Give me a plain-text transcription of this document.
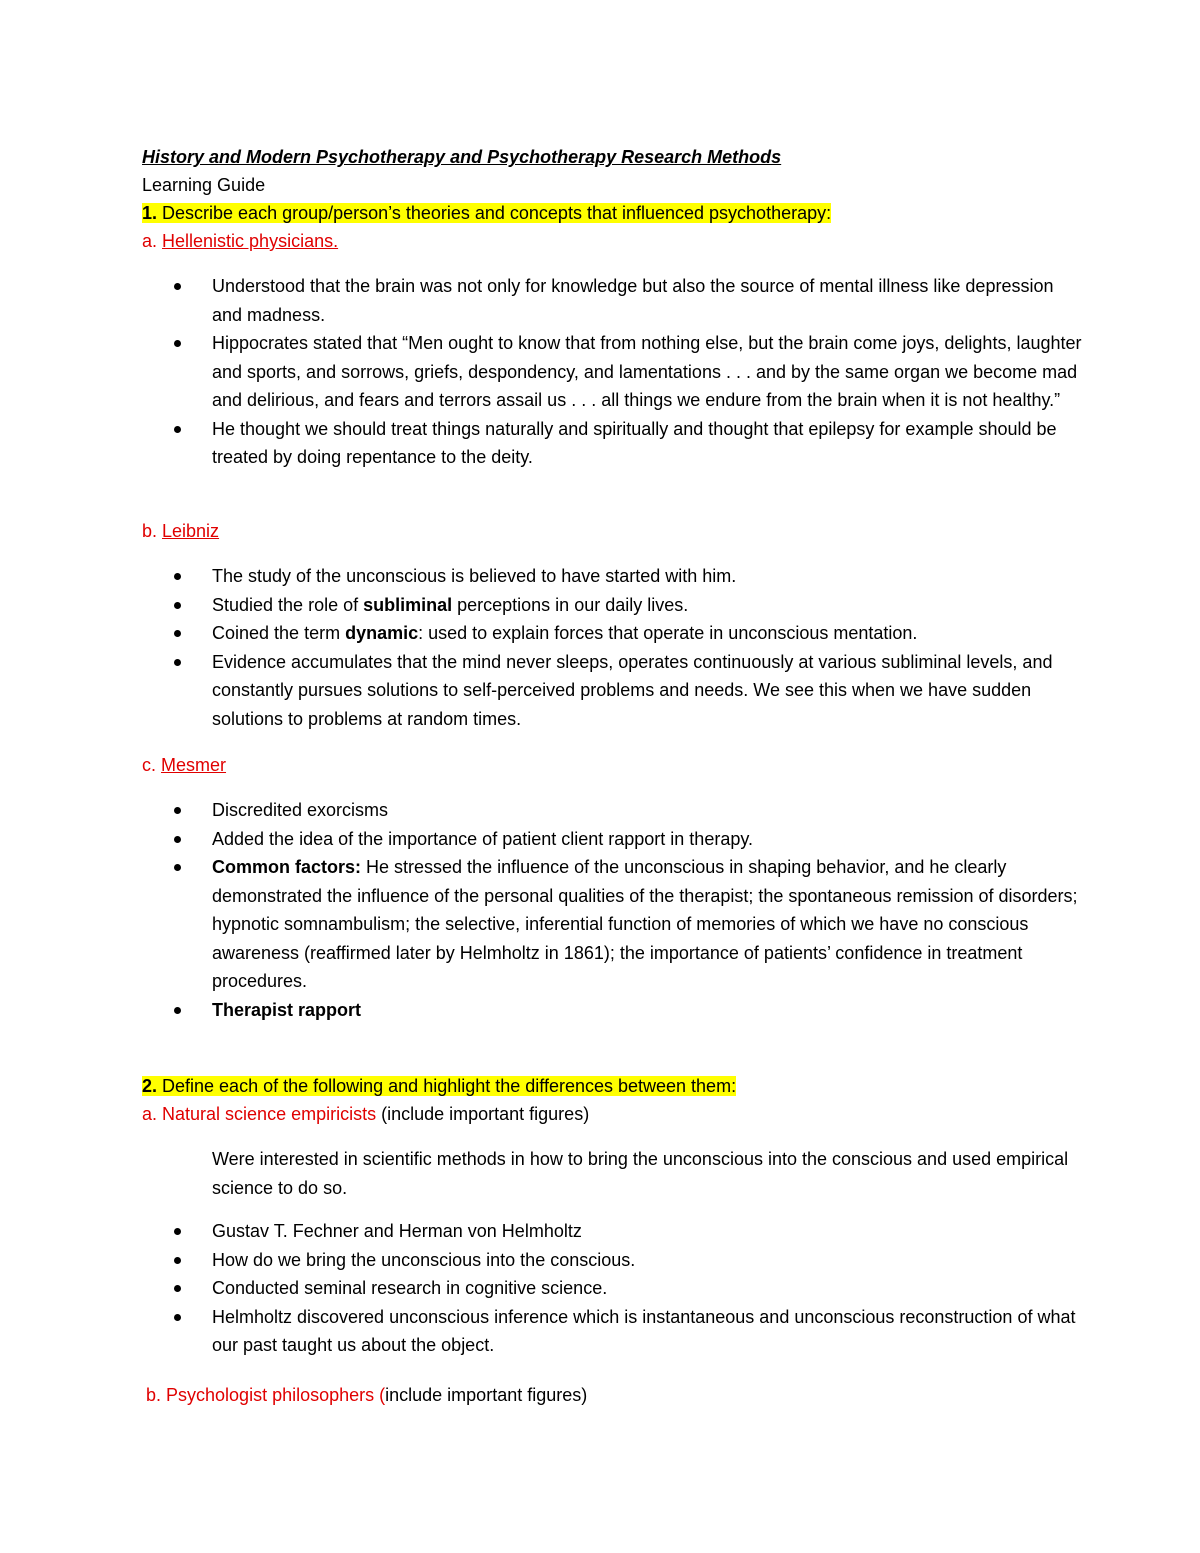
History and Modern Psychotherapy and Psychotherapy Research Methods
Learning Guide
1. Describe each group/person’s theories and concepts that influenced psychotherapy:
a. Hellenistic physicians.
Understood that the brain was not only for knowledge but also the source of mental illness like depression and madness.
Hippocrates stated that “Men ought to know that from nothing else, but the brain come joys, delights, laughter and sports, and sorrows, griefs, despondency, and lamentations . . . and by the same organ we become mad and delirious, and fears and terrors assail us . . . all things we endure from the brain when it is not healthy.”
He thought we should treat things naturally and spiritually and thought that epilepsy for example should be treated by doing repentance to the deity.
b. Leibniz
The study of the unconscious is believed to have started with him.
Studied the role of subliminal perceptions in our daily lives.
Coined the term dynamic: used to explain forces that operate in unconscious mentation.
Evidence accumulates that the mind never sleeps, operates continuously at various subliminal levels, and constantly pursues solutions to self-perceived problems and needs. We see this when we have sudden solutions to problems at random times.
c. Mesmer
Discredited exorcisms
Added the idea of the importance of patient client rapport in therapy.
Common factors: He stressed the influence of the unconscious in shaping behavior, and he clearly demonstrated the influence of the personal qualities of the therapist; the spontaneous remission of disorders; hypnotic somnambulism; the selective, inferential function of memories of which we have no conscious awareness (reaffirmed later by Helmholtz in 1861); the importance of patients’ confidence in treatment procedures.
Therapist rapport
2. Define each of the following and highlight the differences between them:
a. Natural science empiricists (include important figures)
Were interested in scientific methods in how to bring the unconscious into the conscious and used empirical science to do so.
Gustav T. Fechner and Herman von Helmholtz
How do we bring the unconscious into the conscious.
Conducted seminal research in cognitive science.
Helmholtz discovered unconscious inference which is instantaneous and unconscious reconstruction of what our past taught us about the object.
b. Psychologist philosophers (include important figures)
